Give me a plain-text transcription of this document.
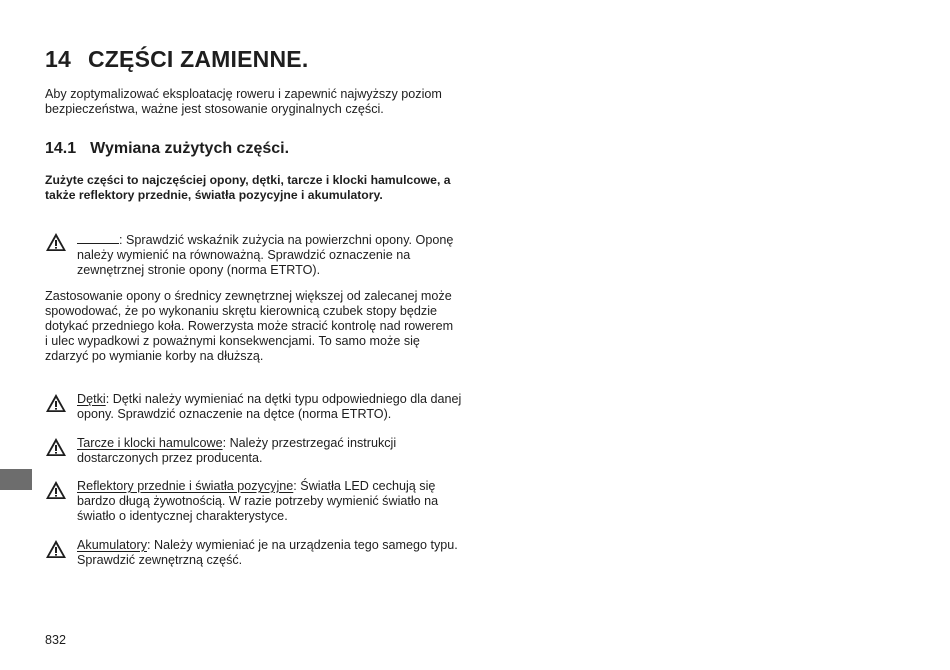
14 CZĘŚCI ZAMIENNE.

Aby zoptymalizować eksploatację roweru i zapewnić najwyższy poziom bezpieczeństwa, ważne jest stosowanie oryginalnych części.

14.1 Wymiana zużytych części.

Zużyte części to najczęściej opony, dętki, tarcze i klocki hamulcowe, a także reflektory przednie, światła pozycyjne i akumulatory.

: Sprawdzić wskaźnik zużycia na powierzchni opony. Oponę należy wymienić na równoważną. Sprawdzić oznaczenie na zewnętrznej stronie opony (norma ETRTO).

Zastosowanie opony o średnicy zewnętrznej większej od zalecanej może spowodować, że po wykonaniu skrętu kierownicą czubek stopy będzie dotykać przedniego koła. Rowerzysta może stracić kontrolę nad rowerem i ulec wypadkowi z poważnymi konsekwencjami. To samo może się zdarzyć po wymianie korby na dłuższą.

Dętki: Dętki należy wymieniać na dętki typu odpowiedniego dla danej opony. Sprawdzić oznaczenie na dętce (norma ETRTO).

Tarcze i klocki hamulcowe: Należy przestrzegać instrukcji dostarczonych przez producenta.

Reflektory przednie i światła pozycyjne: Światła LED cechują się bardzo długą żywotnością. W razie potrzeby wymienić światło na światło o identycznej charakterystyce.

Akumulatory: Należy wymieniać je na urządzenia tego samego typu. Sprawdzić zewnętrzną część.

832
